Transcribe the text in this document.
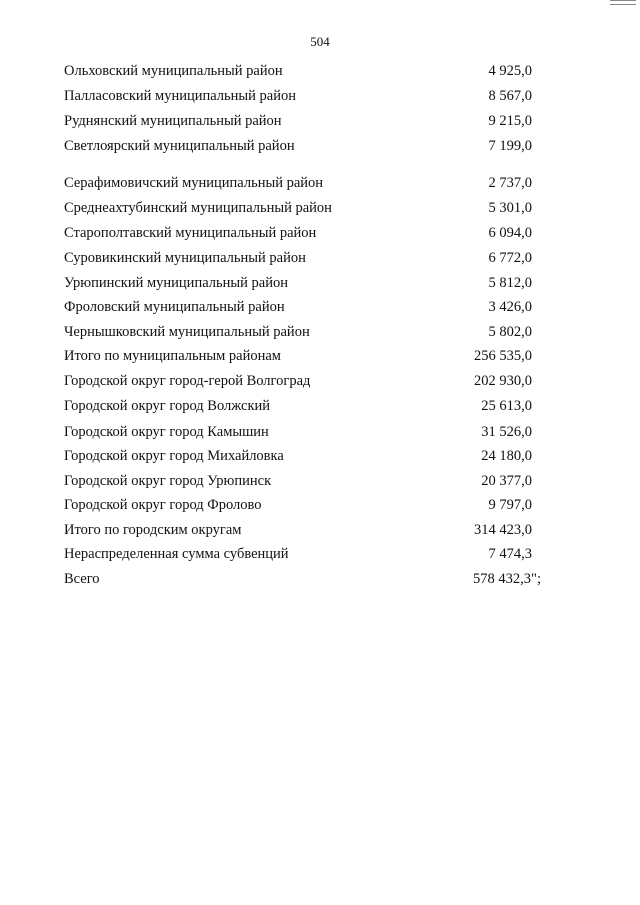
504
Ольховский муниципальный район	4 925,0
Палласовский муниципальный район	8 567,0
Руднянский муниципальный район	9 215,0
Светлоярский муниципальный район	7 199,0
Серафимовичский муниципальный район	2 737,0
Среднеахтубинский муниципальный район	5 301,0
Старополтавский муниципальный район	6 094,0
Суровикинский муниципальный район	6 772,0
Урюпинский муниципальный район	5 812,0
Фроловский муниципальный район	3 426,0
Чернышковский муниципальный район	5 802,0
Итого по муниципальным районам	256 535,0
Городской округ город-герой Волгоград	202 930,0
Городской округ город Волжский	25 613,0
Городской округ город Камышин	31 526,0
Городской округ город Михайловка	24 180,0
Городской округ город Урюпинск	20 377,0
Городской округ город Фролово	9 797,0
Итого по городским округам	314 423,0
Нераспределенная сумма субвенций	7 474,3
Всего	578 432,3";
